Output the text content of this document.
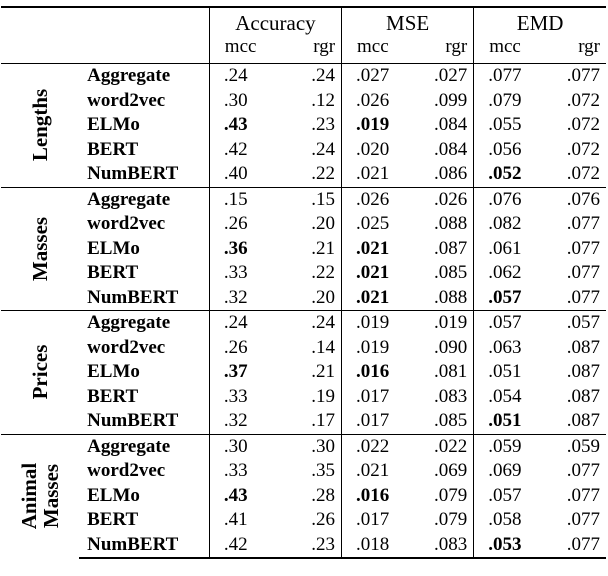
		Accuracy		MSE		EMD	
		mcc	rgr	mcc	rgr	mcc	rgr

Lengths	Aggregate	.24	.24	.027	.027	.077	.077
	word2vec	.30	.12	.026	.099	.079	.072
	ELMo	.43	.23	.019	.084	.055	.072
	BERT	.42	.24	.020	.084	.056	.072
	NumBERT	.40	.22	.021	.086	.052	.072

Masses	Aggregate	.15	.15	.026	.026	.076	.076
	word2vec	.26	.20	.025	.088	.082	.077
	ELMo	.36	.21	.021	.087	.061	.077
	BERT	.33	.22	.021	.085	.062	.077
	NumBERT	.32	.20	.021	.088	.057	.077

Prices	Aggregate	.24	.24	.019	.019	.057	.057
	word2vec	.26	.14	.019	.090	.063	.087
	ELMo	.37	.21	.016	.081	.051	.087
	BERT	.33	.19	.017	.083	.054	.087
	NumBERT	.32	.17	.017	.085	.051	.087

Animal
Masses	Aggregate	.30	.30	.022	.022	.059	.059
	word2vec	.33	.35	.021	.069	.069	.077
	ELMo	.43	.28	.016	.079	.057	.077
	BERT	.41	.26	.017	.079	.058	.077
	NumBERT	.42	.23	.018	.083	.053	.077
